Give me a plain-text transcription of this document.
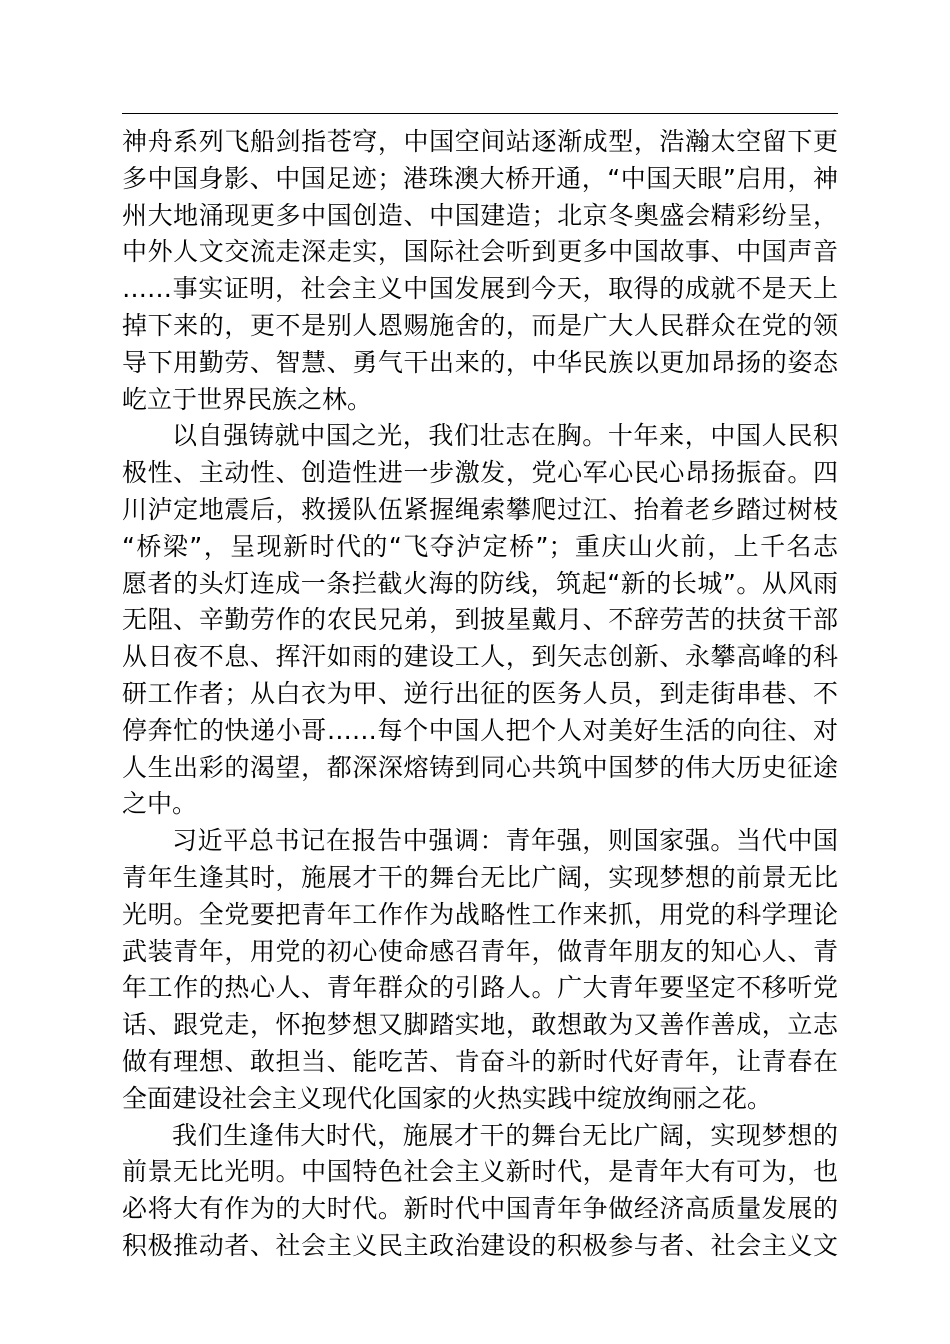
神舟系列飞船剑指苍穹，中国空间站逐渐成型，浩瀚太空留下更
多中国身影、中国足迹；港珠澳大桥开通，“中国天眼”启用，神
州大地涌现更多中国创造、中国建造；北京冬奥盛会精彩纷呈，
中外人文交流走深走实，国际社会听到更多中国故事、中国声音
……事实证明，社会主义中国发展到今天，取得的成就不是天上
掉下来的，更不是别人恩赐施舍的，而是广大人民群众在党的领
导下用勤劳、智慧、勇气干出来的，中华民族以更加昂扬的姿态
屹立于世界民族之林。
以自强铸就中国之光，我们壮志在胸。十年来，中国人民积
极性、主动性、创造性进一步激发，党心军心民心昂扬振奋。四
川泸定地震后，救援队伍紧握绳索攀爬过江、抬着老乡踏过树枝
“桥梁”，呈现新时代的“飞夺泸定桥”；重庆山火前，上千名志
愿者的头灯连成一条拦截火海的防线，筑起“新的长城”。从风雨
无阻、辛勤劳作的农民兄弟，到披星戴月、不辞劳苦的扶贫干部
从日夜不息、挥汗如雨的建设工人，到矢志创新、永攀高峰的科
研工作者；从白衣为甲、逆行出征的医务人员，到走街串巷、不
停奔忙的快递小哥……每个中国人把个人对美好生活的向往、对
人生出彩的渴望，都深深熔铸到同心共筑中国梦的伟大历史征途
之中。
习近平总书记在报告中强调：青年强，则国家强。当代中国
青年生逢其时，施展才干的舞台无比广阔，实现梦想的前景无比
光明。全党要把青年工作作为战略性工作来抓，用党的科学理论
武装青年，用党的初心使命感召青年，做青年朋友的知心人、青
年工作的热心人、青年群众的引路人。广大青年要坚定不移听党
话、跟党走，怀抱梦想又脚踏实地，敢想敢为又善作善成，立志
做有理想、敢担当、能吃苦、肯奋斗的新时代好青年，让青春在
全面建设社会主义现代化国家的火热实践中绽放绚丽之花。
我们生逢伟大时代，施展才干的舞台无比广阔，实现梦想的
前景无比光明。中国特色社会主义新时代，是青年大有可为，也
必将大有作为的大时代。新时代中国青年争做经济高质量发展的
积极推动者、社会主义民主政治建设的积极参与者、社会主义文
